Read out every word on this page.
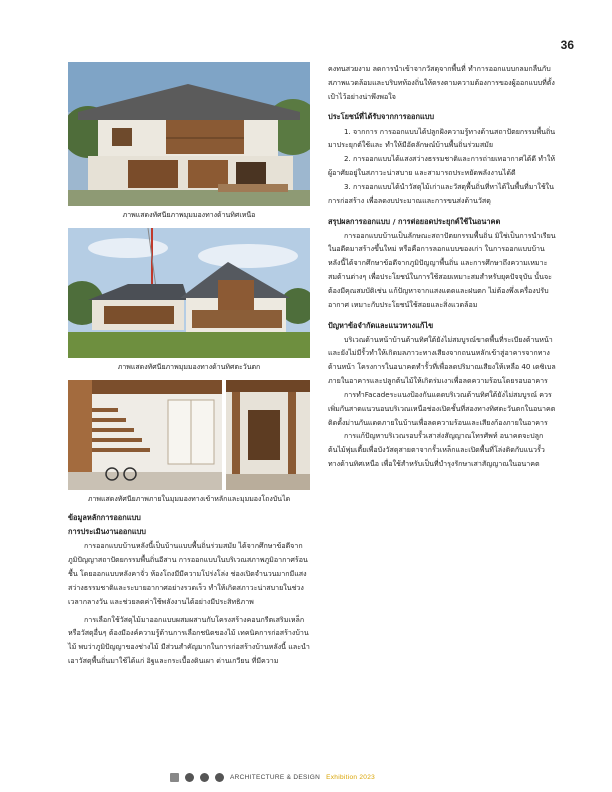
36

ภาพแสดงทัศนียภาพมุมมองทางด้านทิศเหนือ

ภาพแสดงทัศนียภาพมุมมองทางด้านทิศตะวันตก

ภาพแสดงทัศนียภาพภายในมุมมองทางเข้าหลักและมุมมองโถงบันได

ข้อมูลหลักการออกแบบ

การประเมินงานออกแบบ

การออกแบบบ้านหลังนี้เป็นบ้านแบบพื้นถิ่นร่วมสมัย ได้จากศึกษาข้อดีจากภูมิปัญญาสถาปัตยกรรมพื้นถิ่นอีสาน การออกแบบในบริเวณสภาพภูมิอากาศร้อนชื้น โดยออกแบบหลังคาจั่ว ห้องโถงมีมีความโปร่งโล่ง ช่องเปิดจำนวนมากมีแสงสว่างธรรมชาติและระบายอากาศอย่างรวดเร็ว ทำให้เกิดสภาวะน่าสบายในช่วงเวลากลางวัน และช่วยลดค่าใช้พลังงานได้อย่างมีประสิทธิภาพ

การเลือกใช้วัสดุไม้มาออกแบบผสมผสานกับโครงสร้างคอนกรีตเสริมเหล็กหรือวัสดุอื่นๆ ต้องมีองค์ความรู้ด้านการเลือกชนิดของไม้ เทคนิคการก่อสร้างบ้านไม้ พบว่าภูมิปัญญาของช่างไม้ มีส่วนสำคัญมากในการก่อสร้างบ้านหลังนี้ และนำเอาวัสดุพื้นถิ่นมาใช้ได้แก่ อิฐและกระเบื้องดินเผา ด่านเกวียน ที่มีความ

คงทนสวยงาม ลดการนำเข้าจากวัสดุจากพื้นที่ ทำการออกแบบกลมกลืนกับสภาพแวดล้อมและบริบทท้องถิ่นให้ตรงตามความต้องการของผู้ออกแบบที่ตั้งเป้าไว้อย่างน่าพึงพอใจ

ประโยชน์ที่ได้รับจากการออกแบบ

1. จากการ การออกแบบได้ปลูกฝังความรู้ทางด้านสถาปัตยกรรมพื้นถิ่นมาประยุกต์ใช้และ ทำให้มีอัตลักษณ์บ้านพื้นถิ่นร่วมสมัย

2. การออกแบบได้แสงสว่างธรรมชาติและการถ่ายเทอากาศได้ดี ทำให้ผู้อาศัยอยู่ในสภาวะน่าสบาย และสามารถประหยัดพลังงานได้ดี

3. การออกแบบได้นำวัสดุไม้เก่าและวัสดุพื้นถิ่นที่หาได้ในพื้นที่มาใช้ในการก่อสร้าง เพื่อลดงบประมาณและการขนส่งด้านวัสดุ

สรุปผลการออกแบบ / การต่อยอดประยุกต์ใช้ในอนาคต

การออกแบบบ้านเป็นลักษณะสถาปัตยกรรมพื้นถิ่น มิใช่เป็นการนำเรียนในอดีตมาสร้างขึ้นใหม่ หรือคือการลอกแบบของเก่า ในการออกแบบบ้านหลังนี้ได้จากศึกษาข้อดีจากภูมิปัญญาพื้นถิ่น และการศึกษาถึงความเหมาะสมด้านต่างๆ เพื่อประโยชน์ในการใช้สอยเหมาะสมสำหรับยุคปัจจุบัน นั้นจะต้องมีคุณสมบัติเช่น แก้ปัญหาจากแสงแดดและฝนตก ไม่ต้องพึ่งเครื่องปรับอากาศ เหมาะกับประโยชน์ใช้สอยและสิ่งแวดล้อม

ปัญหาข้อจำกัดและแนวทางแก้ไข

บริเวณด้านหน้าบ้านด้านทิศใต้ยังไม่สมบูรณ์ขาดพื้นที่ระเบียงด้านหน้าและยังไม่มีรั้วทำให้เกิดมลภาวะทางเสียงจากถนนหลักเข้าสู่อาคารจากทางด้านหน้า โครงการในอนาคตทำรั้วที่เพื่อลดปริมาณเสียงให้เหลือ 40 เดซิเบลภายในอาคารและปลูกต้นไม้ให้เกิดร่มเงาเพื่อลดความร้อนโดยรอบอาคาร

การทำFacadeระแนงป้องกันแดดบริเวณด้านทิศใต้ยังไม่สมบูรณ์ ควรเพิ่มกันสาดแนวนอนบริเวณเหนือช่องเปิดชั้นที่สองทางทิศตะวันตกในอนาคตติดตั้งม่านกันแดดภายในบ้านเพื่อลดความร้อนและเสียงก้องภายในอาคาร

การแก้ปัญหาบริเวณรอบรั้วเสาส่งสัญญาณโทรศัพท์ อนาคตจะปลูกต้นไม้พุ่มเตี้ยเพื่อบังวัสดุสายตาจากรั้วเหล็กและเปิดพื้นที่โล่งติดกับแนวรั้วทางด้านทิศเหนือ เพื่อใช้สำหรับเป็นที่บำรุงรักษาเสาสัญญาณในอนาคต

ARCHITECTURE & DESIGN Exhibition 2023
